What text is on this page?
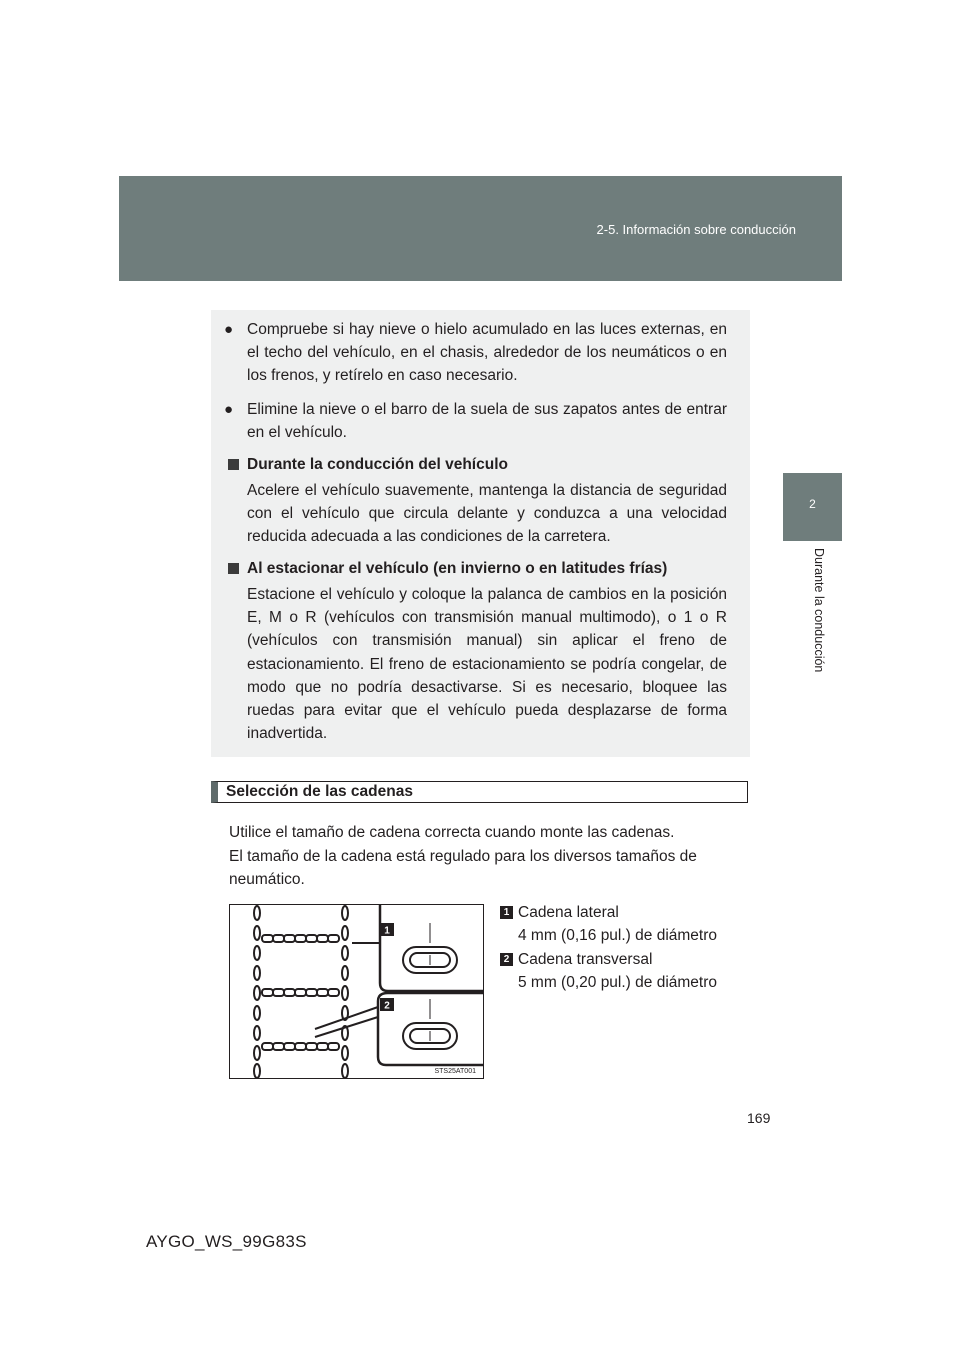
2-5. Información sobre conducción
2
Durante la conducción
● Compruebe si hay nieve o hielo acumulado en las luces externas, en el techo del vehículo, en el chasis, alrededor de los neumáticos o en los frenos, y retírelo en caso necesario.
● Elimine la nieve o el barro de la suela de sus zapatos antes de entrar en el vehículo.
Durante la conducción del vehículo
Acelere el vehículo suavemente, mantenga la distancia de seguridad con el vehículo que circula delante y conduzca a una velocidad reducida adecuada a las condiciones de la carretera.
Al estacionar el vehículo (en invierno o en latitudes frías)
Estacione el vehículo y coloque la palanca de cambios en la posición E, M o R (vehículos con transmisión manual multimodo), o 1 o R (vehículos con transmisión manual) sin aplicar el freno de estacionamiento. El freno de estacionamiento se podría congelar, de modo que no podría desactivarse. Si es necesario, bloquee las ruedas para evitar que el vehículo pueda desplazarse de forma inadvertida.
Selección de las cadenas
Utilice el tamaño de cadena correcta cuando monte las cadenas.
El tamaño de la cadena está regulado para los diversos tamaños de neumático.
1
2
STS25AT001
1 Cadena lateral
4 mm (0,16 pul.) de diámetro
2 Cadena transversal
5 mm (0,20 pul.) de diámetro
169
AYGO_WS_99G83S
